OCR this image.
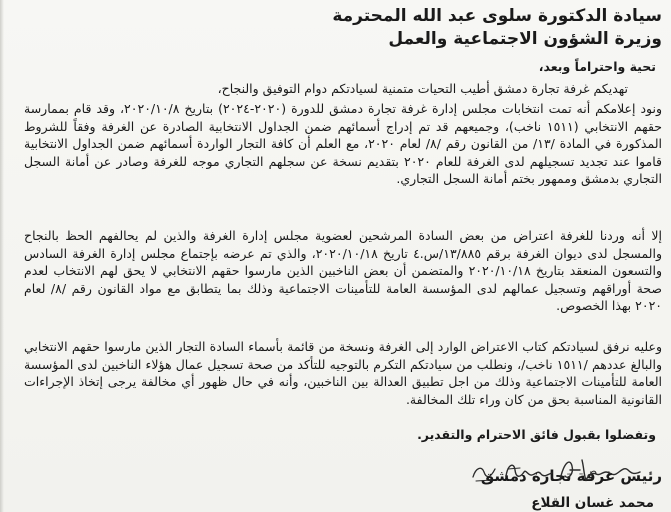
سيادة الدكتورة سلوى عبد الله المحترمة
وزيرة الشؤون الاجتماعية والعمل
تحية واحتراماً وبعد،
تهديكم غرفة تجارة دمشق أطيب التحيات متمنية لسيادتكم دوام التوفيق والنجاح،
ونود إعلامكم أنه تمت انتخابات مجلس إدارة غرفة تجارة دمشق للدورة (٢٠٢٠-٢٠٢٤) بتاريخ ٢٠٢٠/١٠/٨، وقد قام بممارسة حقهم الانتخابي (١٥١١ ناخب)، وجميعهم قد تم إدراج أسمائهم ضمن الجداول الانتخابية الصادرة عن الغرفة وفقاً للشروط المذكورة في المادة /١٣/ من القانون رقم /٨/ لعام ٢٠٢٠، مع العلم أن كافة التجار الواردة أسمائهم ضمن الجداول الانتخابية قاموا عند تجديد تسجيلهم لدى الغرفة للعام ٢٠٢٠ بتقديم نسخة عن سجلهم التجاري موجه للغرفة وصادر عن أمانة السجل التجاري بدمشق وممهور بختم أمانة السجل التجاري.
إلا أنه وردنا للغرفة اعتراض من بعض السادة المرشحين لعضوية مجلس إدارة الغرفة والذين لم يحالفهم الحظ بالنجاح والمسجل لدى ديوان الغرفة برقم ١٣/٨٨٥/س.٤ تاريخ ٢٠٢٠/١٠/١٨، والذي تم عرضه بإجتماع مجلس إدارة الغرفة السادس والتسعون المنعقد بتاريخ ٢٠٢٠/١٠/١٨ والمتضمن أن بعض الناخبين الذين مارسوا حقهم الانتخابي لا يحق لهم الانتخاب لعدم صحة أوراقهم وتسجيل عمالهم لدى المؤسسة العامة للتأمينات الاجتماعية وذلك بما يتطابق مع مواد القانون رقم /٨/ لعام ٢٠٢٠ بهذا الخصوص.
وعليه نرفق لسيادتكم كتاب الاعتراض الوارد إلى الغرفة ونسخة من قائمة بأسماء السادة التجار الذين مارسوا حقهم الانتخابي والبالغ عددهم /١٥١١ ناخب/، ونطلب من سيادتكم التكرم بالتوجيه للتأكد من صحة تسجيل عمال هؤلاء الناخبين لدى المؤسسة العامة للتأمينات الاجتماعية وذلك من اجل تطبيق العدالة بين الناخبين، وأنه في حال ظهور أي مخالفة يرجى إتخاذ الإجراءات القانونية المناسبة بحق من كان وراء تلك المخالفة.
وتفضلوا بقبول فائق الاحترام والتقدير.
رئيس غرفة تجارة دمشق
محمد غسان القلاع
